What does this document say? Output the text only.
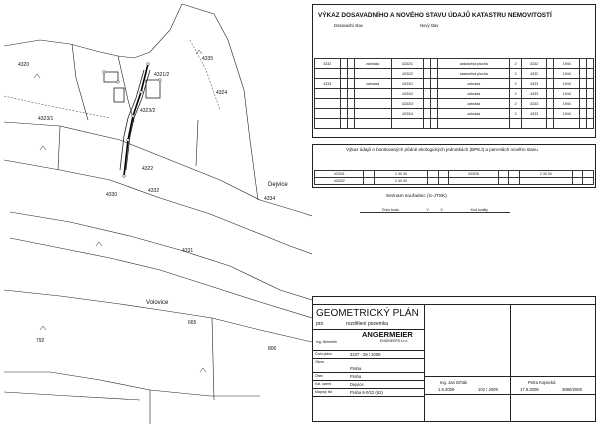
4320
4335
4321/2
4323/1
4323/2
4324
4322
4330
4332
4331
4334
665
806
792
Dejvice
Volovice
VÝKAZ DOSAVADNÍHO A NOVÉHO STAVU ÚDAJŮ KATASTRU NEMOVITOSTÍ
Dosavadní stav	Nový stav
4332			zahrada	4332/1			zastavěná plocha	2	4332		1944		
				4332/2			zastavěná plocha	2	4332		1944		
4333			zahrada	4333/1			zahrada	2	4333		1944		
				4333/2			zahrada	2	4333		1944		
				4333/3			zahrada	2	4333		1944		
				4333/4			zahrada	2	4333		1944		

Výkaz údajů o bonitovaných půdně ekologických jednotkách (BPEJ) a parcelách nového stavu
4333/1		2 40 00			4332/8			2 40 00		
4333/2		2 40 00								
Seznam souřadnic (S-JTSK)
Číslo bodu	Y	X	Kód kvality

GEOMETRICKÝ PLÁN
pro	rozdělení pozemku
ANGERMEIER
ENGINEERS s.r.o.
Ing. Němeček
Číslo plánu	3237 - 28 / 2009
Okres
Praha
Obec	Praha
Kat. území	Dejvice
Mapový list	Praha 6-0/22 (62)
Ing. Jan Drhák
1.9.2009	102 / 2009
Petra Kopecká
17.9.2009	3690/2009
